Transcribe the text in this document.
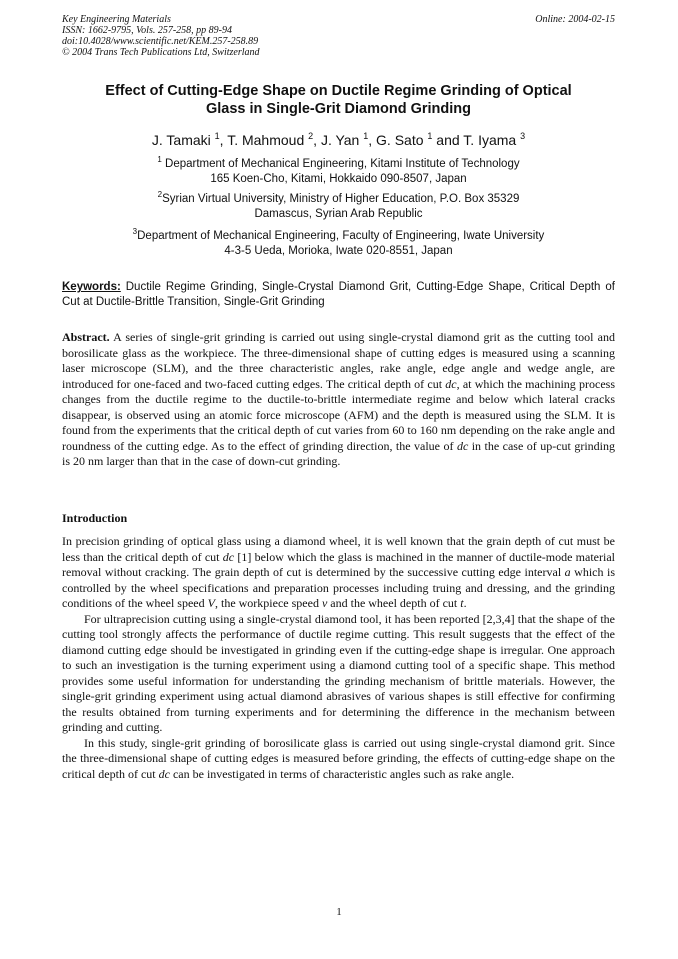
Key Engineering Materials
ISSN: 1662-9795, Vols. 257-258, pp 89-94
doi:10.4028/www.scientific.net/KEM.257-258.89
© 2004 Trans Tech Publications Ltd, Switzerland
Online: 2004-02-15
Effect of Cutting-Edge Shape on Ductile Regime Grinding of Optical
Glass in Single-Grit Diamond Grinding
J. Tamaki $^1$, T. Mahmoud $^2$, J. Yan $^1$, G. Sato $^1$ and T. Iyama $^3$
$^1$ Department of Mechanical Engineering, Kitami Institute of Technology
165 Koen-Cho, Kitami, Hokkaido 090-8507, Japan
$^2$Syrian Virtual University, Ministry of Higher Education, P.O. Box 35329
Damascus, Syrian Arab Republic
$^3$Department of Mechanical Engineering, Faculty of Engineering, Iwate University
4-3-5 Ueda, Morioka, Iwate 020-8551, Japan
Keywords: Ductile Regime Grinding, Single-Crystal Diamond Grit, Cutting-Edge Shape, Critical Depth of Cut at Ductile-Brittle Transition, Single-Grit Grinding
Abstract. A series of single-grit grinding is carried out using single-crystal diamond grit as the cutting tool and borosilicate glass as the workpiece. The three-dimensional shape of cutting edges is measured using a scanning laser microscope (SLM), and the three characteristic angles, rake angle, edge angle and wedge angle, are introduced for one-faced and two-faced cutting edges. The critical depth of cut dc, at which the machining process changes from the ductile regime to the ductile-to-brittle intermediate regime and below which lateral cracks disappear, is observed using an atomic force microscope (AFM) and the depth is measured using the SLM. It is found from the experiments that the critical depth of cut varies from 60 to 160 nm depending on the rake angle and roundness of the cutting edge. As to the effect of grinding direction, the value of dc in the case of up-cut grinding is 20 nm larger than that in the case of down-cut grinding.
Introduction

In precision grinding of optical glass using a diamond wheel, it is well known that the grain depth of cut must be less than the critical depth of cut dc [1] below which the glass is machined in the manner of ductile-mode material removal without cracking. The grain depth of cut is determined by the successive cutting edge interval a which is controlled by the wheel specifications and preparation processes including truing and dressing, and the grinding conditions of the wheel speed V, the workpiece speed v and the wheel depth of cut t.

For ultraprecision cutting using a single-crystal diamond tool, it has been reported [2,3,4] that the shape of the cutting tool strongly affects the performance of ductile regime cutting. This result suggests that the effect of the diamond cutting edge should be investigated in grinding even if the cutting-edge shape is irregular. One approach to such an investigation is the turning experiment using a diamond cutting tool of a specific shape. This method provides some useful information for understanding the grinding mechanism of brittle materials. However, the single-grit grinding experiment using actual diamond abrasives of various shapes is still effective for confirming the results obtained from turning experiments and for determining the difference in the mechanism between grinding and cutting.

In this study, single-grit grinding of borosilicate glass is carried out using single-crystal diamond grit. Since the three-dimensional shape of cutting edges is measured before grinding, the effects of cutting-edge shape on the critical depth of cut dc can be investigated in terms of characteristic angles such as rake angle.

1
